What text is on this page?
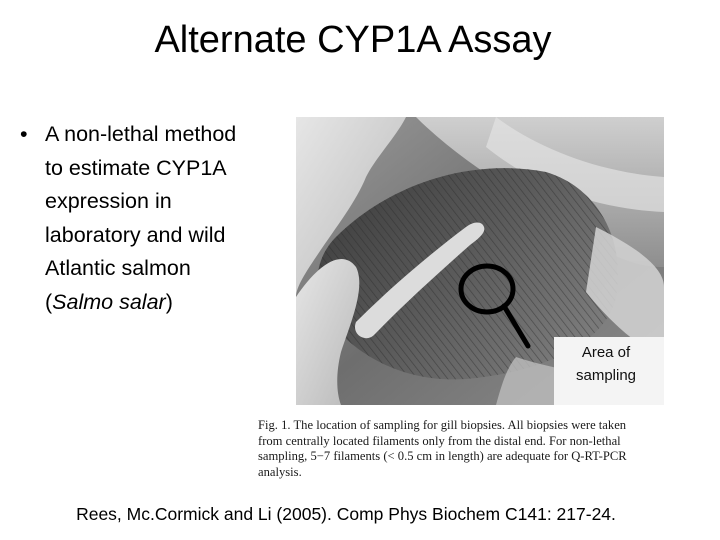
Alternate CYP1A Assay
• A non-lethal method
to estimate CYP1A
expression in
laboratory and wild
Atlantic salmon
(Salmo salar)
Area of
sampling
Fig. 1. The location of sampling for gill biopsies. All biopsies were taken
from centrally located filaments only from the distal end. For non-lethal
sampling, 5−7 filaments (< 0.5 cm in length) are adequate for Q-RT-PCR
analysis.
Rees, Mc.Cormick and Li (2005). Comp Phys Biochem C141: 217-24.
